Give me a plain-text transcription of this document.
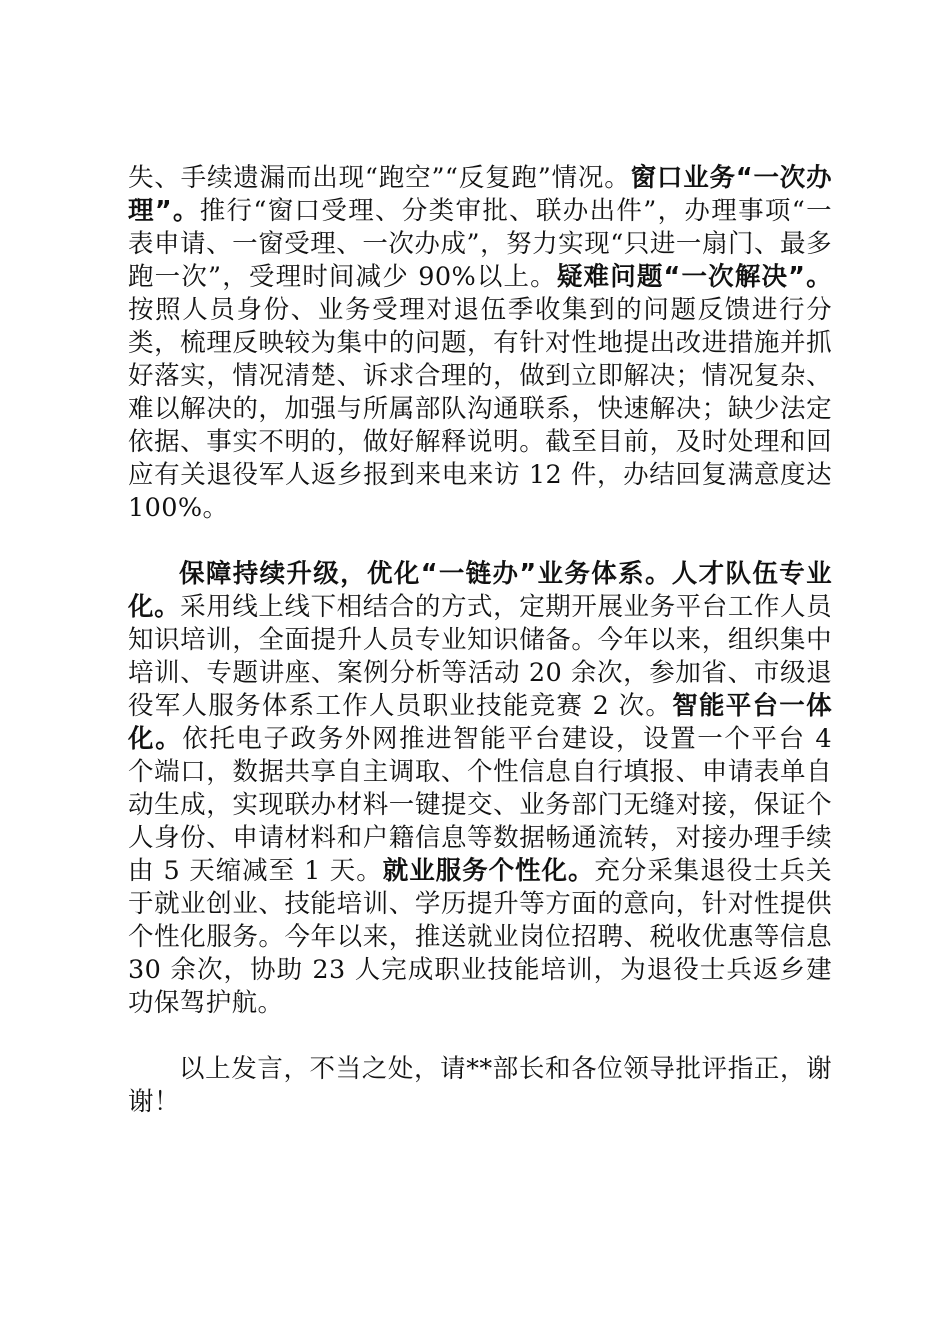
失、手续遗漏而出现“跑空”“反复跑”情况。窗口业务“一次办理”。推行“窗口受理、分类审批、联办出件”，办理事项“一表申请、一窗受理、一次办成”，努力实现“只进一扇门、最多跑一次”，受理时间减少 90%以上。疑难问题“一次解决”。按照人员身份、业务受理对退伍季收集到的问题反馈进行分类，梳理反映较为集中的问题，有针对性地提出改进措施并抓好落实，情况清楚、诉求合理的，做到立即解决；情况复杂、难以解决的，加强与所属部队沟通联系，快速解决；缺少法定依据、事实不明的，做好解释说明。截至目前，及时处理和回应有关退役军人返乡报到来电来访 12 件，办结回复满意度达 100%。

保障持续升级，优化“一链办”业务体系。人才队伍专业化。采用线上线下相结合的方式，定期开展业务平台工作人员知识培训，全面提升人员专业知识储备。今年以来，组织集中培训、专题讲座、案例分析等活动 20 余次，参加省、市级退役军人服务体系工作人员职业技能竞赛 2 次。智能平台一体化。依托电子政务外网推进智能平台建设，设置一个平台 4 个端口，数据共享自主调取、个性信息自行填报、申请表单自动生成，实现联办材料一键提交、业务部门无缝对接，保证个人身份、申请材料和户籍信息等数据畅通流转，对接办理手续由 5 天缩减至 1 天。就业服务个性化。充分采集退役士兵关于就业创业、技能培训、学历提升等方面的意向，针对性提供个性化服务。今年以来，推送就业岗位招聘、税收优惠等信息 30 余次，协助 23 人完成职业技能培训，为退役士兵返乡建功保驾护航。

以上发言，不当之处，请**部长和各位领导批评指正，谢谢！
